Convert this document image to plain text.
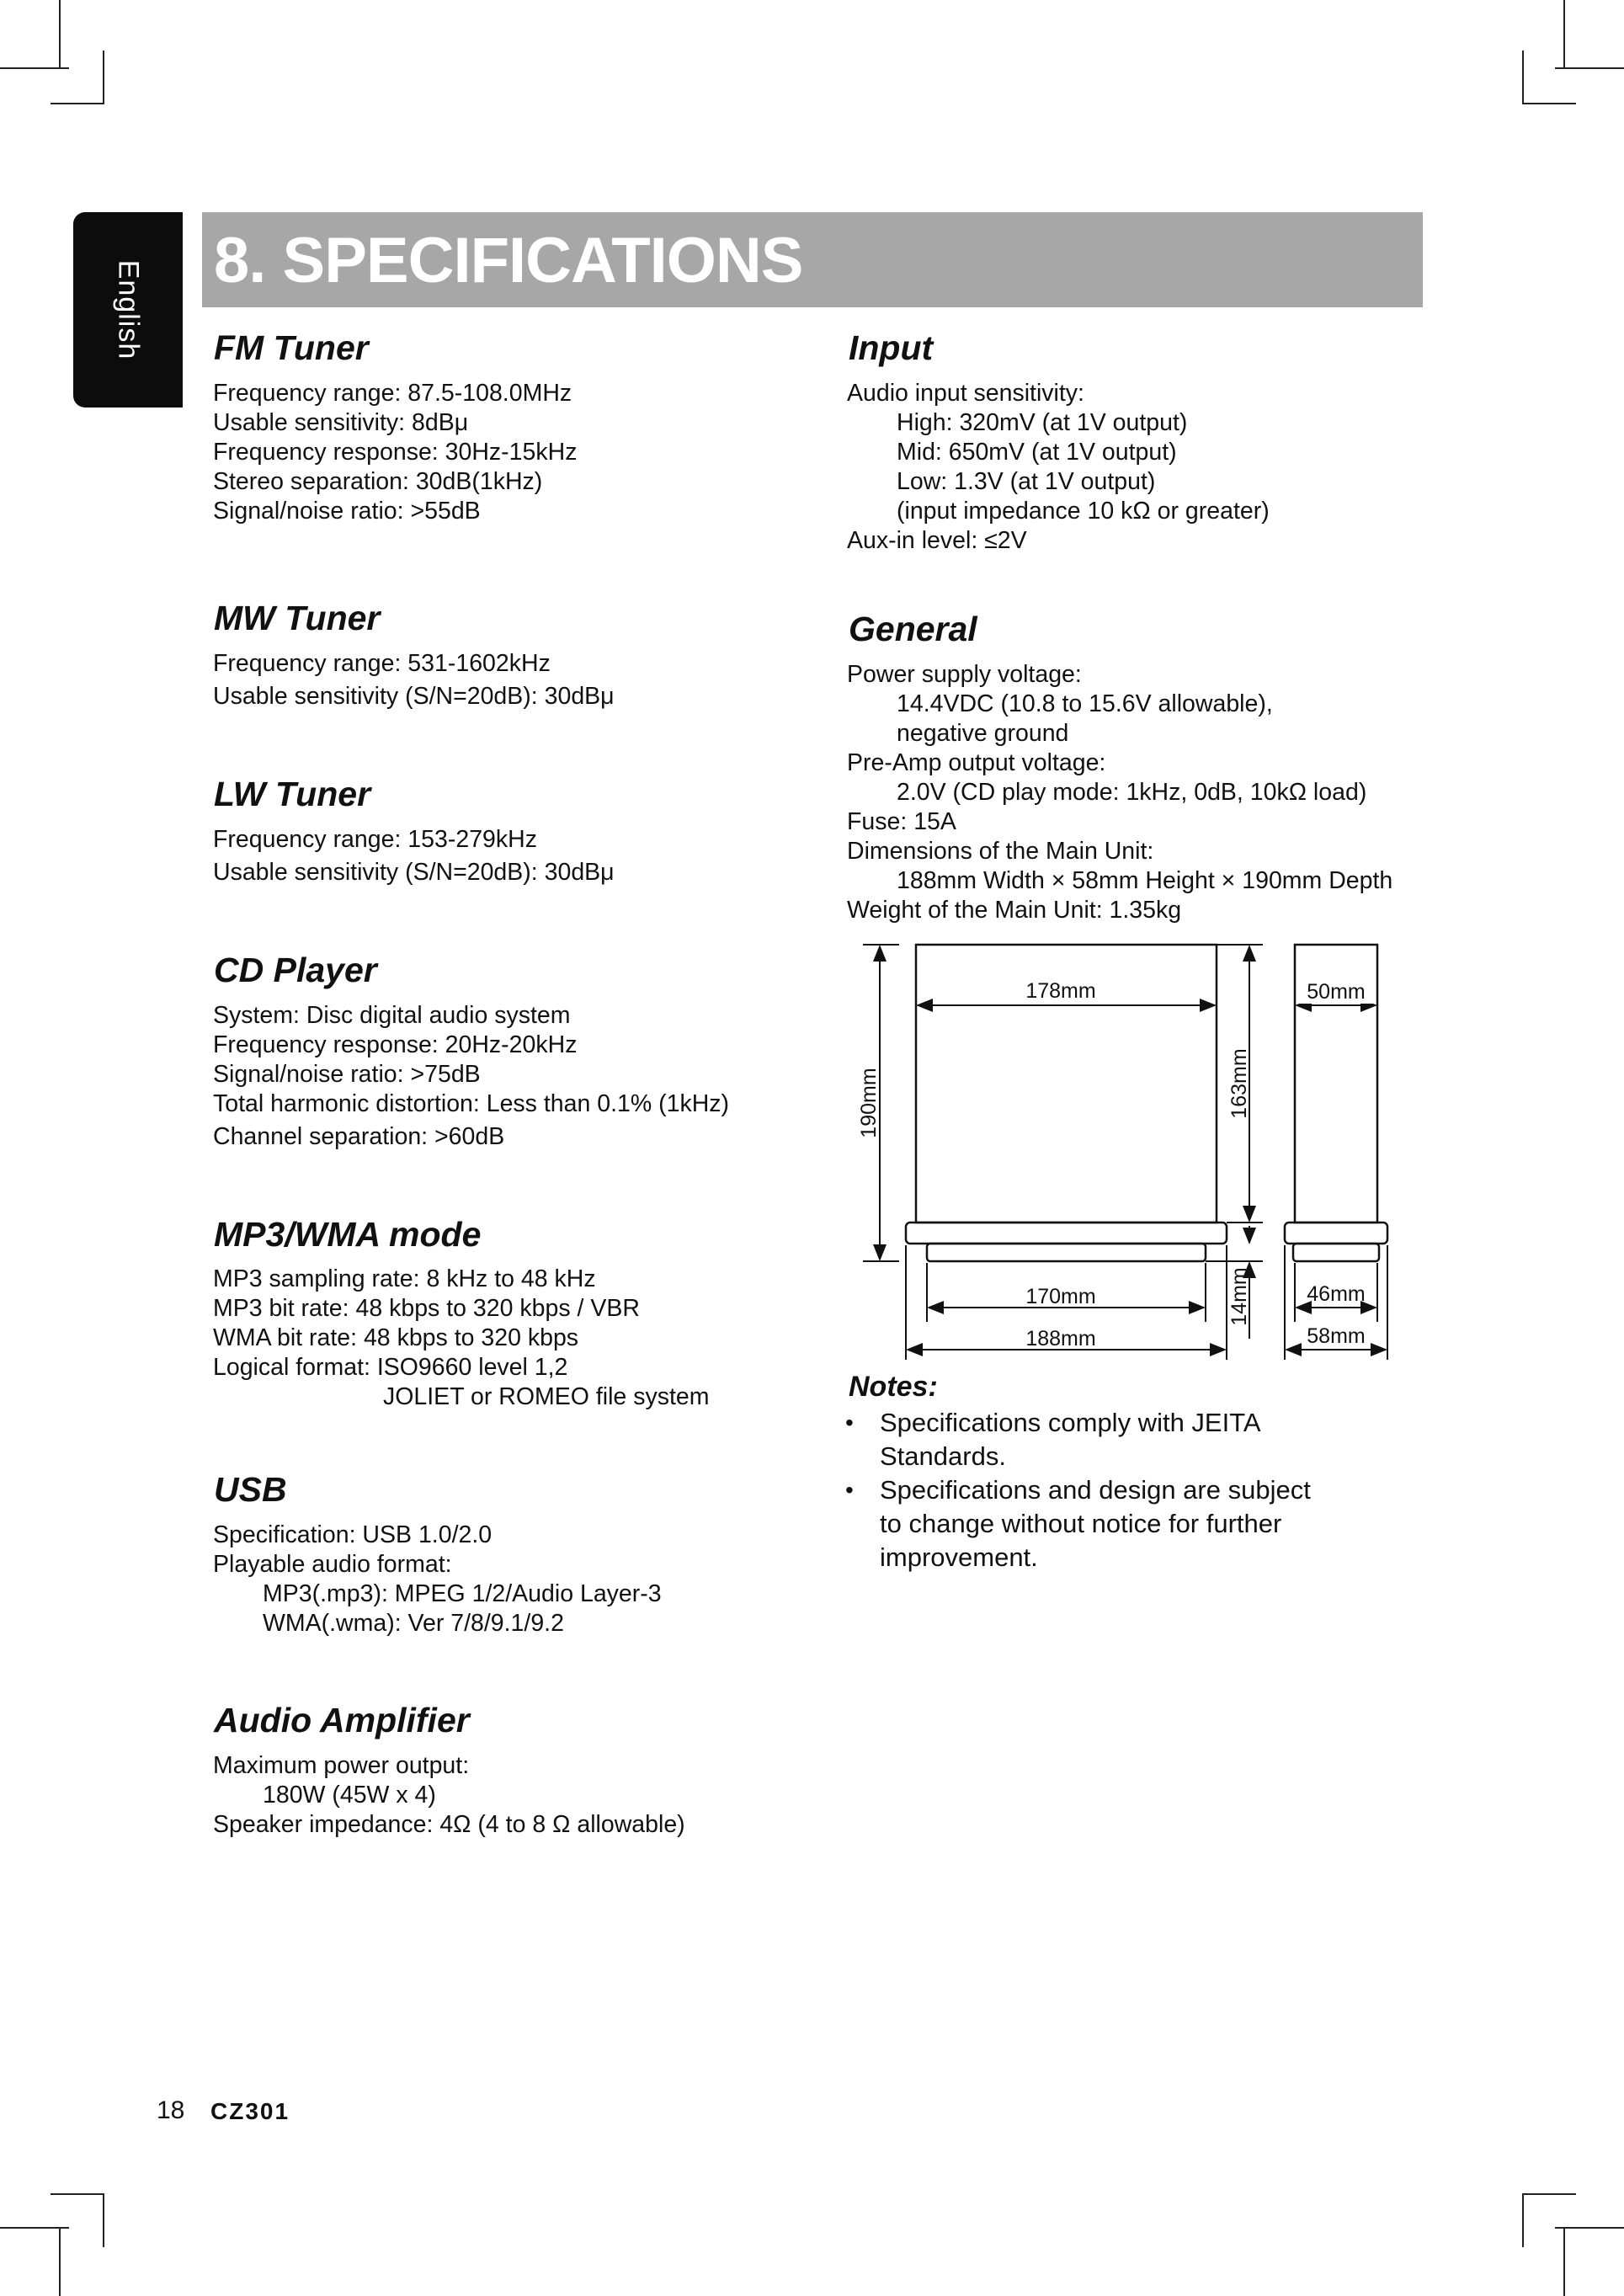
English 8. SPECIFICATIONS
FM Tuner
Frequency range: 87.5-108.0MHz
Usable sensitivity: 8dBμ
Frequency response: 30Hz-15kHz
Stereo separation: 30dB(1kHz)
Signal/noise ratio: >55dB
MW Tuner
Frequency range: 531-1602kHz
Usable sensitivity (S/N=20dB): 30dBμ
LW Tuner
Frequency range: 153-279kHz
Usable sensitivity (S/N=20dB): 30dBμ
CD Player
System: Disc digital audio system
Frequency response: 20Hz-20kHz
Signal/noise ratio: >75dB
Total harmonic distortion: Less than 0.1% (1kHz)
Channel separation: >60dB
MP3/WMA mode
MP3 sampling rate: 8 kHz to 48 kHz
MP3 bit rate: 48 kbps to 320 kbps / VBR
WMA bit rate: 48 kbps to 320 kbps
Logical format: ISO9660 level 1,2
JOLIET or ROMEO file system
USB
Specification: USB 1.0/2.0
Playable audio format:
MP3(.mp3): MPEG 1/2/Audio Layer-3
WMA(.wma): Ver 7/8/9.1/9.2
Audio Amplifier
Maximum power output:
180W (45W x 4)
Speaker impedance: 4Ω (4 to 8 Ω allowable)
Input
Audio input sensitivity:
High: 320mV (at 1V output)
Mid: 650mV (at 1V output)
Low: 1.3V (at 1V output)
(input impedance 10 kΩ or greater)
Aux-in level: ≤2V
General
Power supply voltage:
14.4VDC (10.8 to 15.6V allowable),
negative ground
Pre-Amp output voltage:
2.0V (CD play mode: 1kHz, 0dB, 10kΩ load)
Fuse: 15A
Dimensions of the Main Unit:
188mm Width × 58mm Height × 190mm Depth
Weight of the Main Unit: 1.35kg
178mm	50mm
163mm
190mm
170mm
188mm
14mm	46mm
58mm
Notes:
• Specifications comply with JEITA
Standards.
• Specifications and design are subject
to change without notice for further
improvement.
18 CZ301
